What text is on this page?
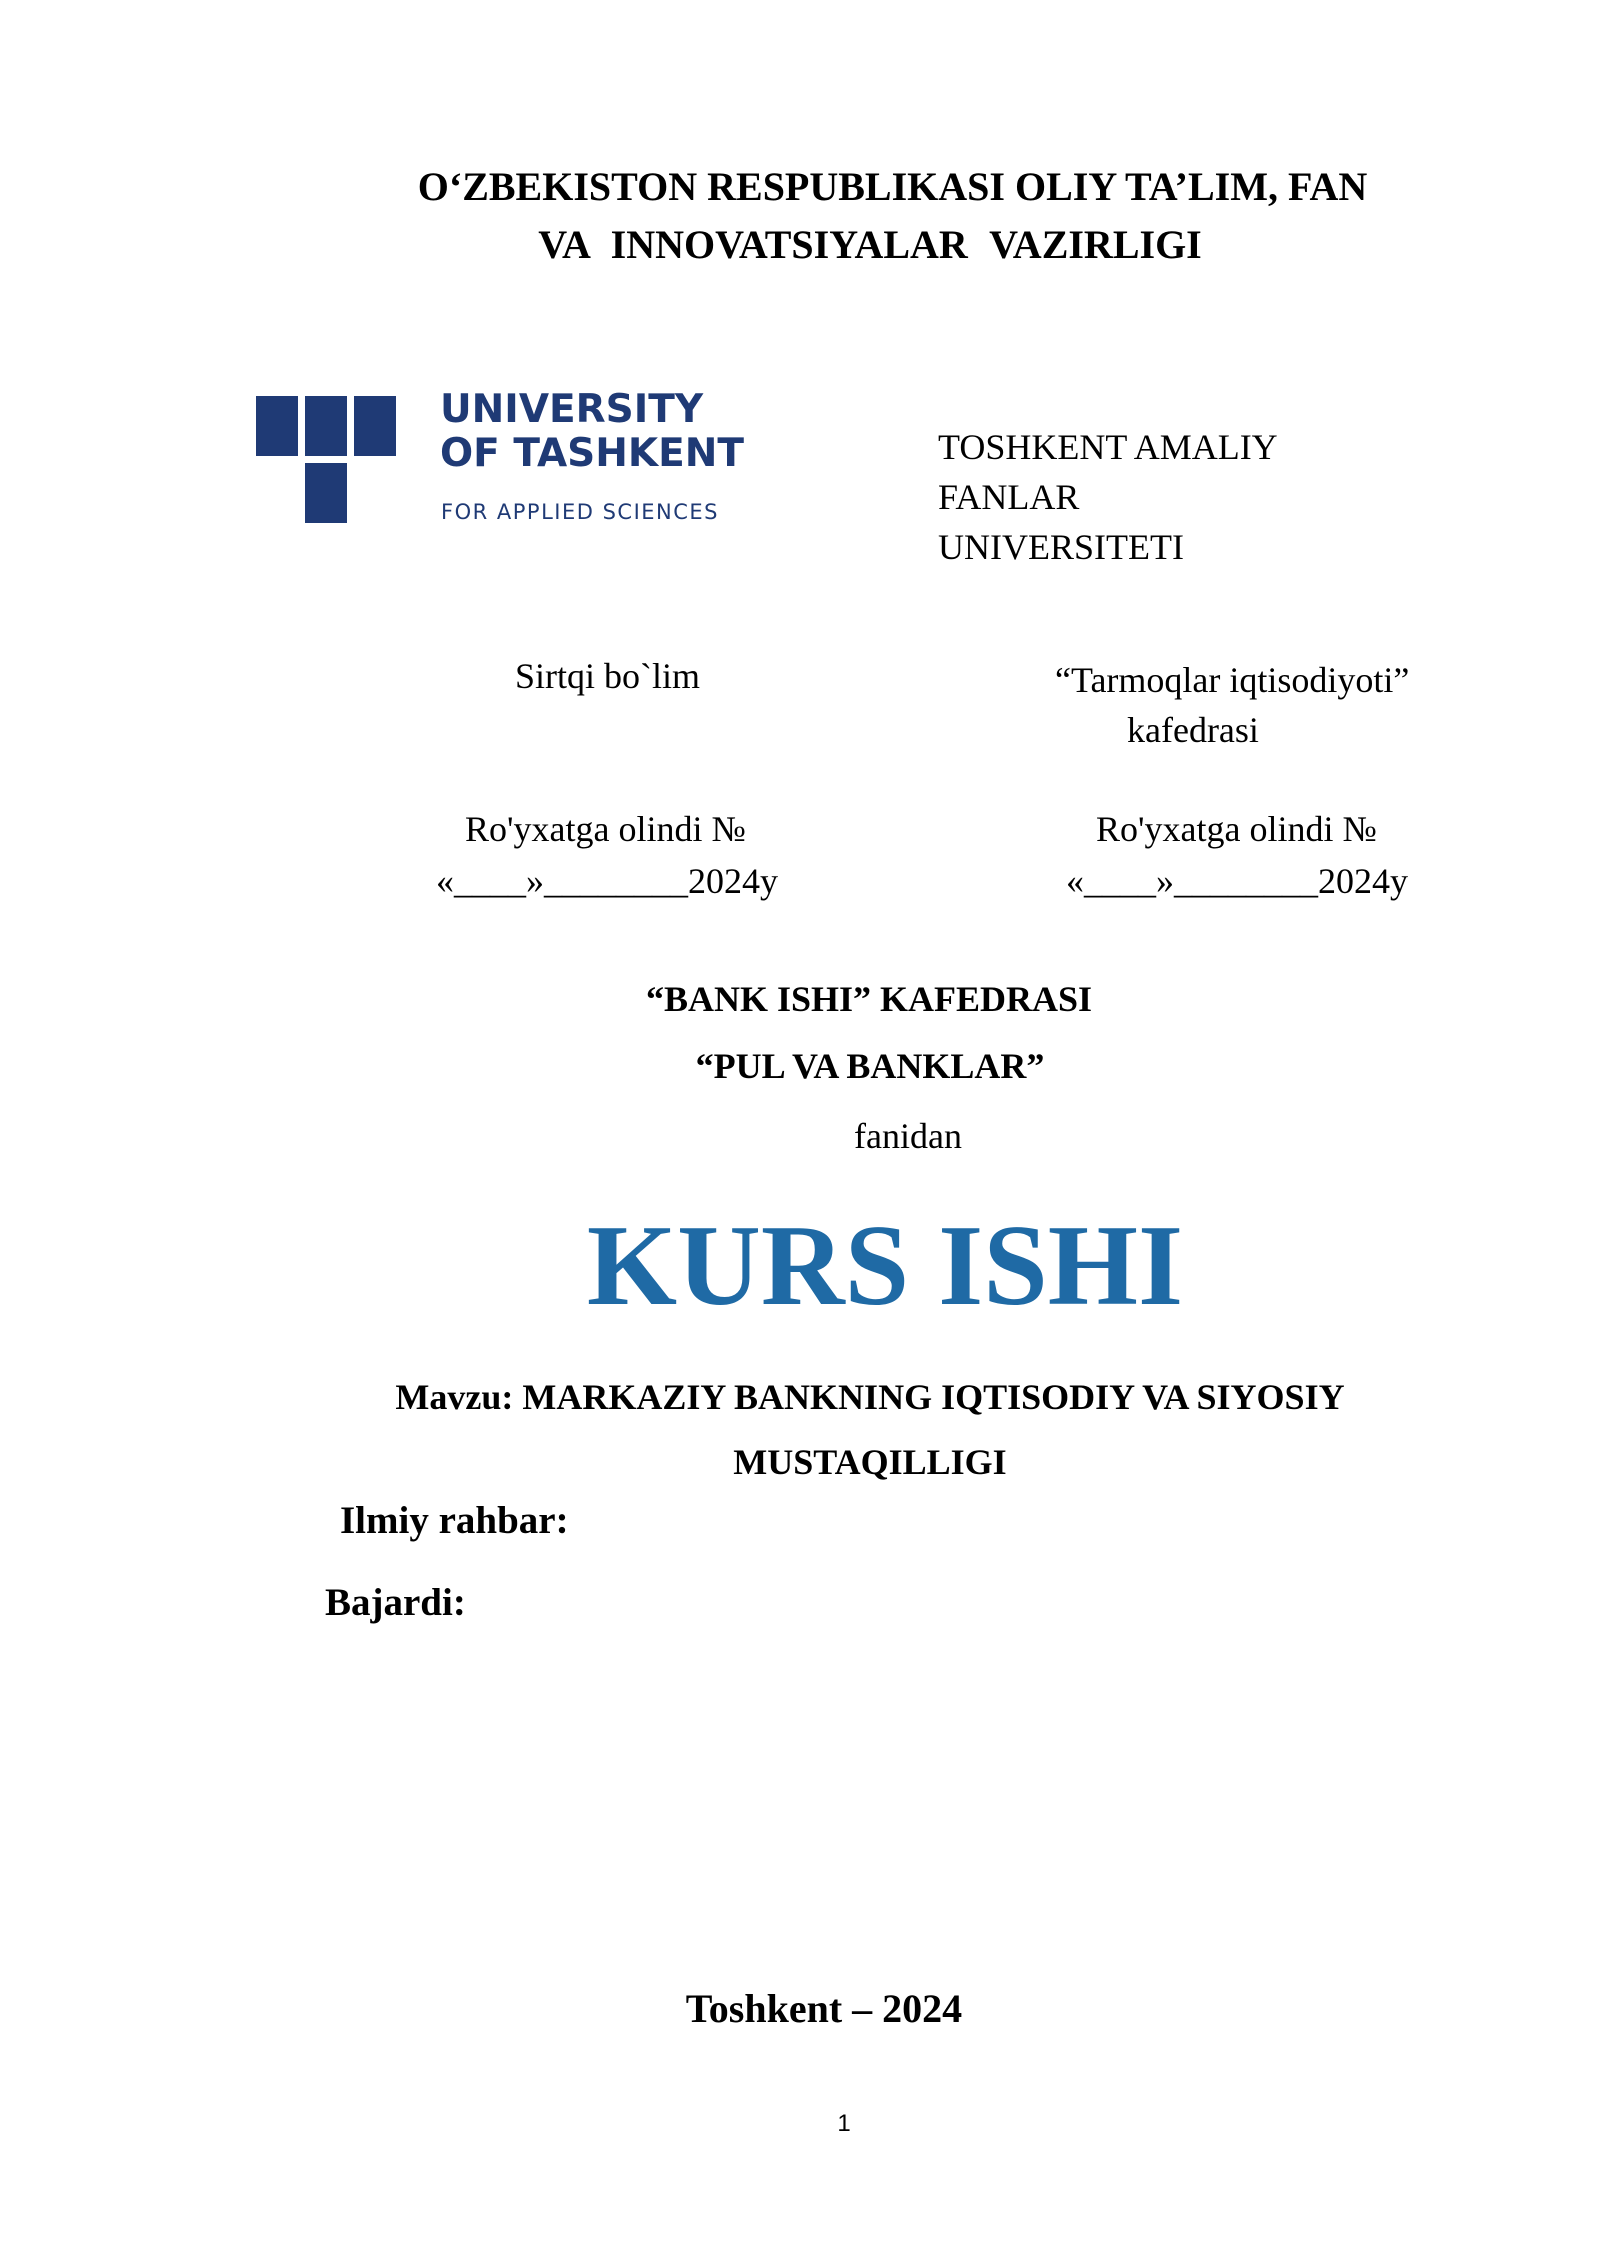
O‘ZBEKISTON RESPUBLIKASI OLIY TA’LIM, FAN
VA INNOVATSIYALAR VAZIRLIGI
UNIVERSITY
OF TASHKENT
FOR APPLIED SCIENCES
TOSHKENT AMALIY
FANLAR
UNIVERSITETI
Sirtqi bo`lim	“Tarmoqlar iqtisodiyoti”
kafedrasi
Ro'yxatga olindi №
«____»________2024y
Ro'yxatga olindi №
«____»________2024y
“BANK ISHI” KAFEDRASI
“PUL VA BANKLAR”
fanidan
KURS ISHI
Mavzu: MARKAZIY BANKNING IQTISODIY VA SIYOSIY
MUSTAQILLIGI
Ilmiy rahbar:
Bajardi:
Toshkent – 2024
1
